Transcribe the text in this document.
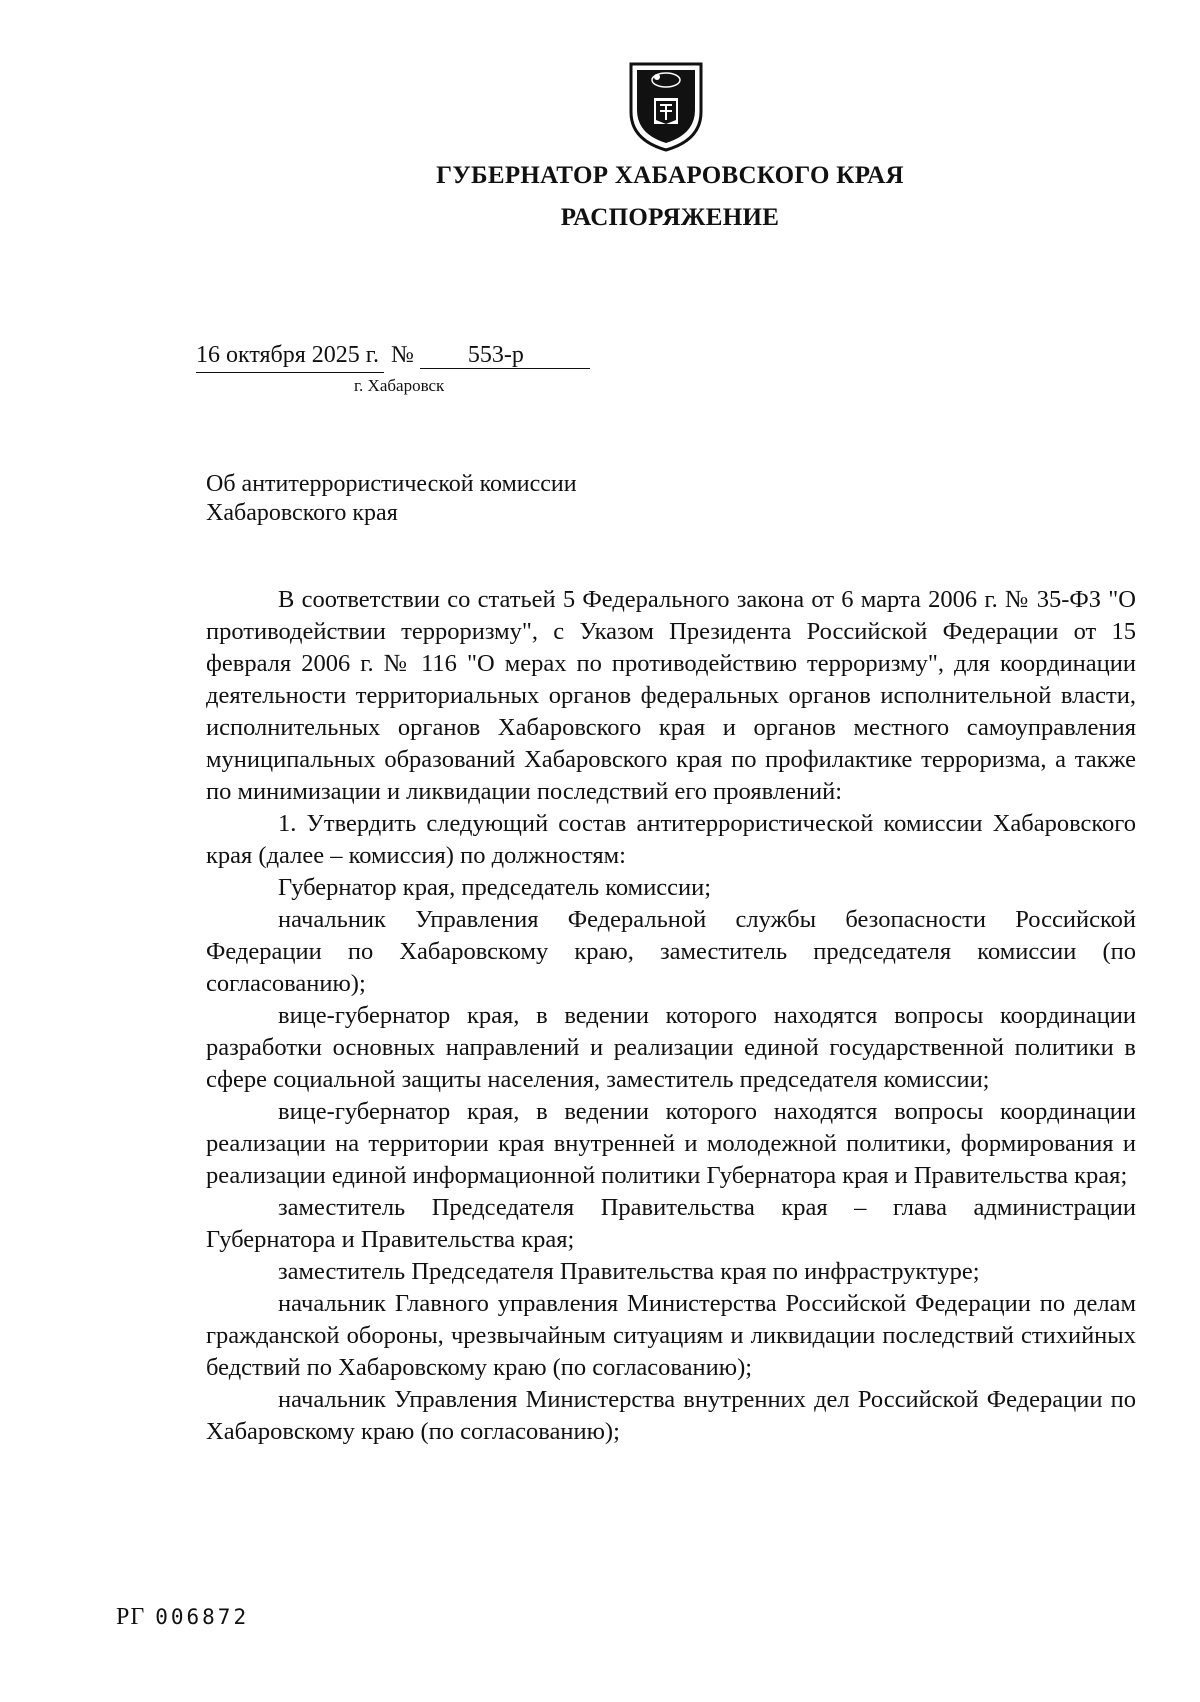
ГУБЕРНАТОР ХАБАРОВСКОГО КРАЯ
РАСПОРЯЖЕНИЕ
16 октября 2025 г. № 553-р
г. Хабаровск
Об антитеррористической комиссии
Хабаровского края

В соответствии со статьей 5 Федерального закона от 6 марта 2006 г. № 35-ФЗ "О противодействии терроризму", с Указом Президента Российской Федерации от 15 февраля 2006 г. № 116 "О мерах по противодействию терроризму", для координации деятельности территориальных органов федеральных органов исполнительной власти, исполнительных органов Хабаровского края и органов местного самоуправления муниципальных образований Хабаровского края по профилактике терроризма, а также по минимизации и ликвидации последствий его проявлений:

1. Утвердить следующий состав антитеррористической комиссии Хабаровского края (далее – комиссия) по должностям:

Губернатор края, председатель комиссии;

начальник Управления Федеральной службы безопасности Российской Федерации по Хабаровскому краю, заместитель председателя комиссии (по согласованию);

вице-губернатор края, в ведении которого находятся вопросы координации разработки основных направлений и реализации единой государственной политики в сфере социальной защиты населения, заместитель председателя комиссии;

вице-губернатор края, в ведении которого находятся вопросы координации реализации на территории края внутренней и молодежной политики, формирования и реализации единой информационной политики Губернатора края и Правительства края;

заместитель Председателя Правительства края – глава администрации Губернатора и Правительства края;

заместитель Председателя Правительства края по инфраструктуре;

начальник Главного управления Министерства Российской Федерации по делам гражданской обороны, чрезвычайным ситуациям и ликвидации последствий стихийных бедствий по Хабаровскому краю (по согласованию);

начальник Управления Министерства внутренних дел Российской Федерации по Хабаровскому краю (по согласованию);

РГ 006872
